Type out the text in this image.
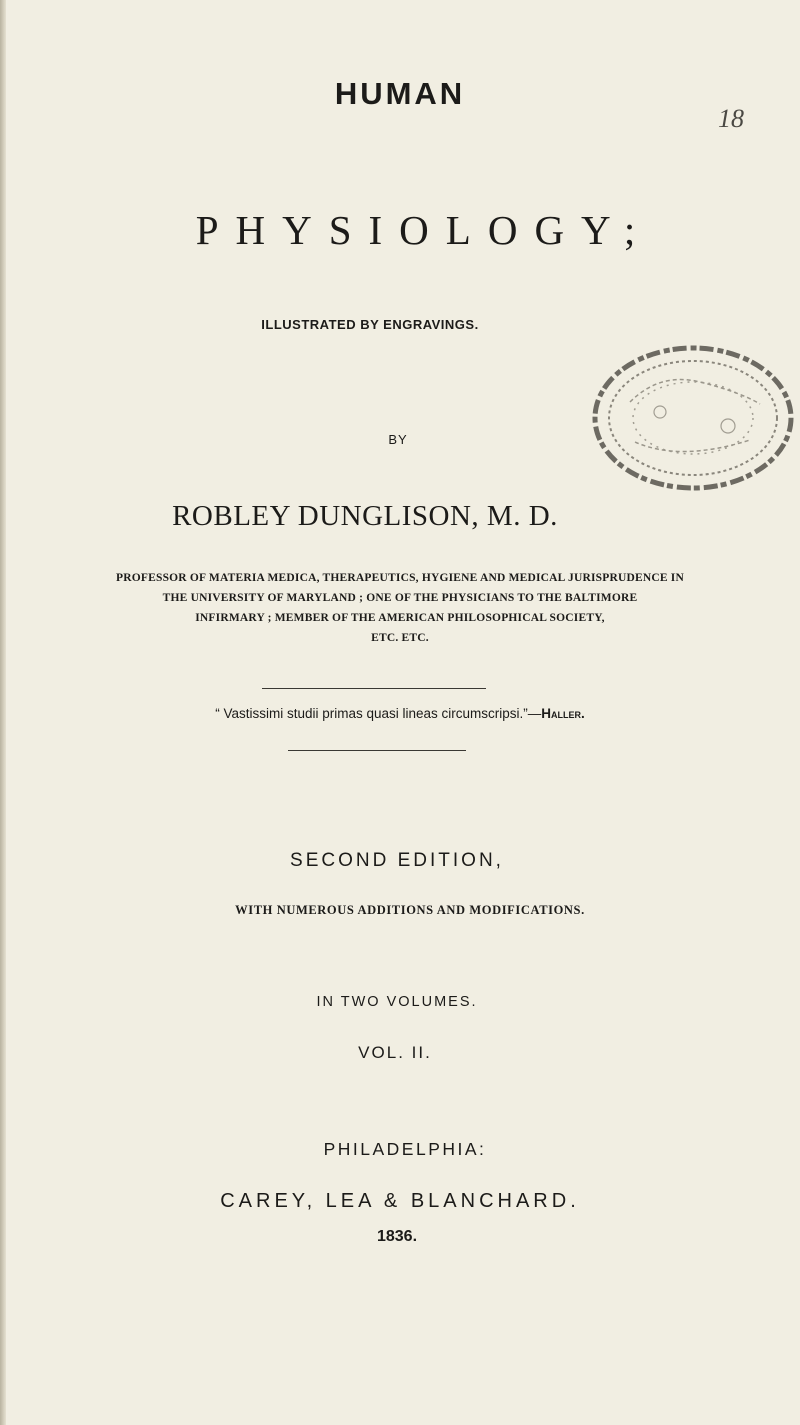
HUMAN
18
PHYSIOLOGY;
ILLUSTRATED BY ENGRAVINGS.
BY
ROBLEY DUNGLISON, M. D.
PROFESSOR OF MATERIA MEDICA, THERAPEUTICS, HYGIENE AND MEDICAL JURISPRUDENCE IN
THE UNIVERSITY OF MARYLAND ; ONE OF THE PHYSICIANS TO THE BALTIMORE
INFIRMARY ; MEMBER OF THE AMERICAN PHILOSOPHICAL SOCIETY,
ETC. ETC.
“ Vastissimi studii primas quasi lineas circumscripsi.”—Haller.
SECOND EDITION,
WITH NUMEROUS ADDITIONS AND MODIFICATIONS.
IN TWO VOLUMES.
VOL. II.
PHILADELPHIA:
CAREY, LEA & BLANCHARD.
1836.
